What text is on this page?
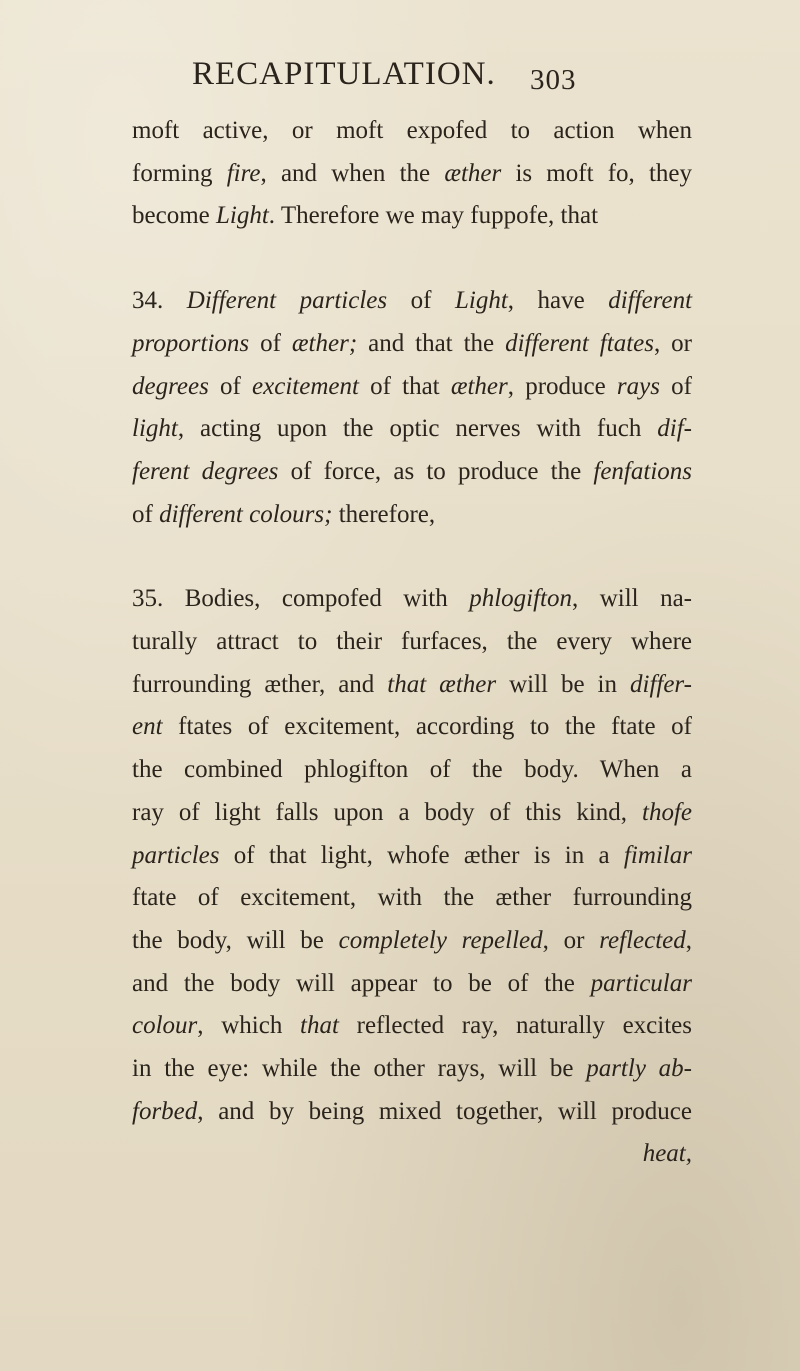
RECAPITULATION. 303
moft active, or moft expofed to action when
forming fire, and when the æther is moft fo, they
become Light. Therefore we may fuppofe, that
34. Different particles of Light, have different
proportions of æther; and that the different ftates, or
degrees of excitement of that æther, produce rays of
light, acting upon the optic nerves with fuch dif-
ferent degrees of force, as to produce the fenfations
of different colours; therefore,
35. Bodies, compofed with phlogifton, will na-
turally attract to their furfaces, the every where
furrounding æther, and that æther will be in differ-
ent ftates of excitement, according to the ftate of
the combined phlogifton of the body. When a
ray of light falls upon a body of this kind, thofe
particles of that light, whofe æther is in a fimilar
ftate of excitement, with the æther furrounding
the body, will be completely repelled, or reflected,
and the body will appear to be of the particular
colour, which that reflected ray, naturally excites
in the eye: while the other rays, will be partly ab-
forbed, and by being mixed together, will produce
heat,
